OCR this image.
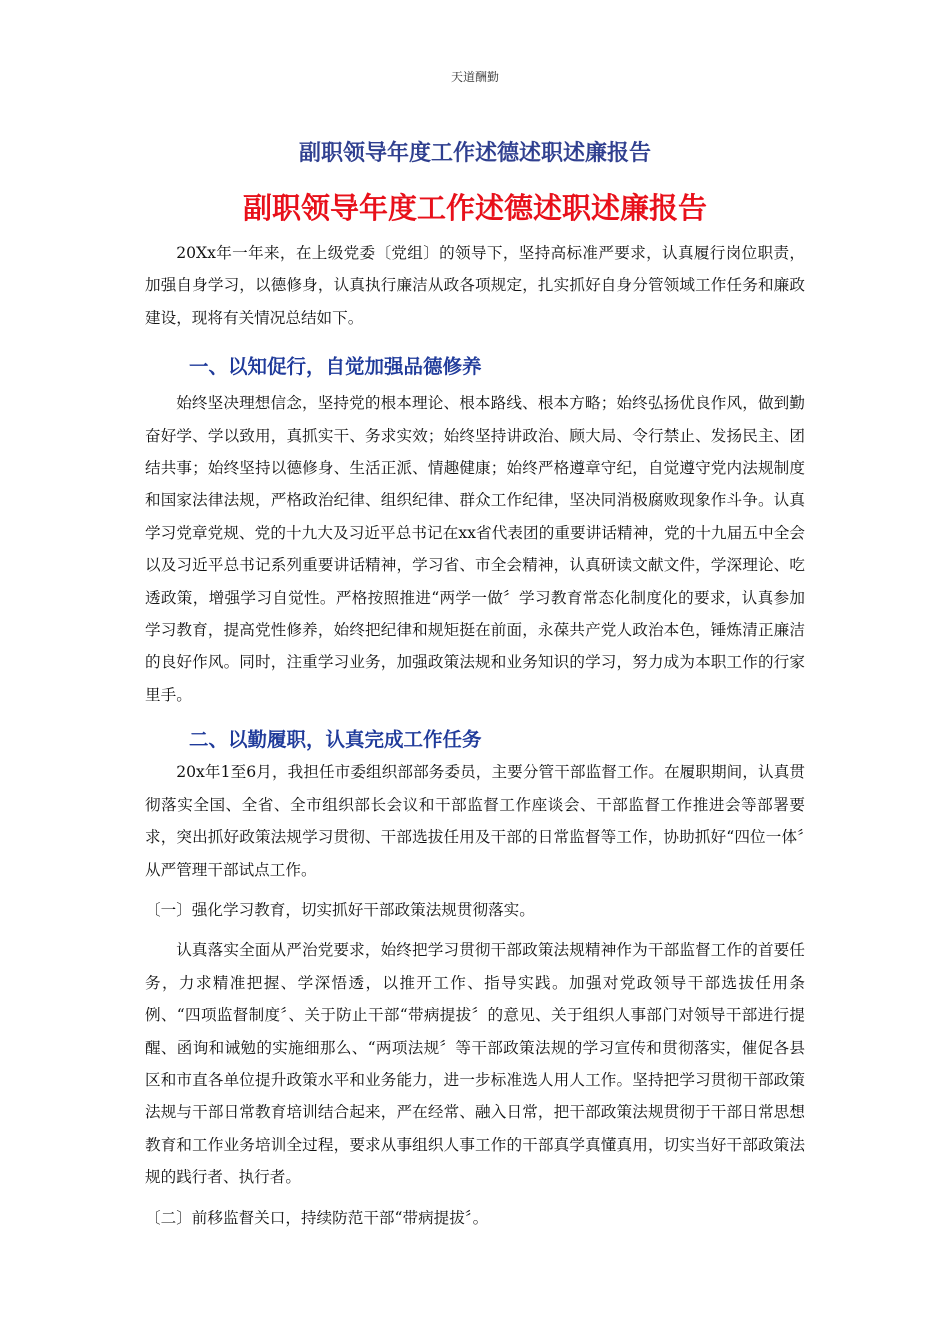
天道酬勤
副职领导年度工作述德述职述廉报告
副职领导年度工作述德述职述廉报告

20Xx年一年来，在上级党委〔党组〕的领导下，坚持高标准严要求，认真履行岗位职责，加强自身学习，以德修身，认真执行廉洁从政各项规定，扎实抓好自身分管领域工作任务和廉政建设，现将有关情况总结如下。

一、以知促行，自觉加强品德修养

始终坚决理想信念，坚持党的根本理论、根本路线、根本方略；始终弘扬优良作风，做到勤奋好学、学以致用，真抓实干、务求实效；始终坚持讲政治、顾大局、令行禁止、发扬民主、团结共事；始终坚持以德修身、生活正派、情趣健康；始终严格遵章守纪，自觉遵守党内法规制度和国家法律法规，严格政治纪律、组织纪律、群众工作纪律，坚决同消极腐败现象作斗争。认真学习党章党规、党的十九大及习近平总书记在xx省代表团的重要讲话精神，党的十九届五中全会以及习近平总书记系列重要讲话精神，学习省、市全会精神，认真研读文献文件，学深理论、吃透政策，增强学习自觉性。严格按照推进“两学一做〞学习教育常态化制度化的要求，认真参加学习教育，提高党性修养，始终把纪律和规矩挺在前面，永葆共产党人政治本色，锤炼清正廉洁的良好作风。同时，注重学习业务，加强政策法规和业务知识的学习，努力成为本职工作的行家里手。

二、以勤履职，认真完成工作任务

20x年1至6月，我担任市委组织部部务委员，主要分管干部监督工作。在履职期间，认真贯彻落实全国、全省、全市组织部长会议和干部监督工作座谈会、干部监督工作推进会等部署要求，突出抓好政策法规学习贯彻、干部选拔任用及干部的日常监督等工作，协助抓好“四位一体〞从严管理干部试点工作。

〔一〕强化学习教育，切实抓好干部政策法规贯彻落实。

认真落实全面从严治党要求，始终把学习贯彻干部政策法规精神作为干部监督工作的首要任务，力求精准把握、学深悟透，以推开工作、指导实践。加强对党政领导干部选拔任用条例、“四项监督制度〞、关于防止干部“带病提拔〞的意见、关于组织人事部门对领导干部进行提醒、函询和诫勉的实施细那么、“两项法规〞等干部政策法规的学习宣传和贯彻落实，催促各县区和市直各单位提升政策水平和业务能力，进一步标准选人用人工作。坚持把学习贯彻干部政策法规与干部日常教育培训结合起来，严在经常、融入日常，把干部政策法规贯彻于干部日常思想教育和工作业务培训全过程，要求从事组织人事工作的干部真学真懂真用，切实当好干部政策法规的践行者、执行者。

〔二〕前移监督关口，持续防范干部“带病提拔〞。
